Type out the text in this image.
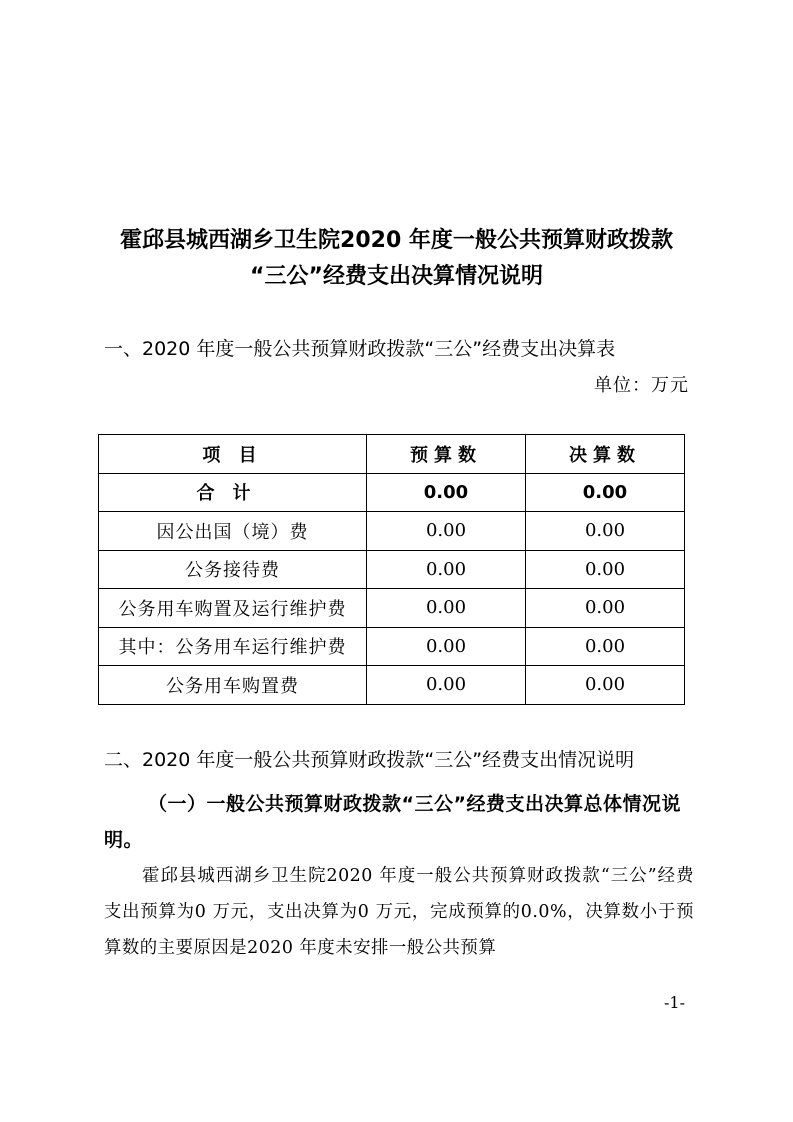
霍邱县城西湖乡卫生院2020 年度一般公共预算财政拨款
“三公”经费支出决算情况说明
一、2020 年度一般公共预算财政拨款“三公”经费支出决算表
单位：万元
项 目	预算数	决算数
合计	0.00	0.00
因公出国（境）费	0.00	0.00
公务接待费	0.00	0.00
公务用车购置及运行维护费	0.00	0.00
其中：公务用车运行维护费	0.00	0.00
公务用车购置费	0.00	0.00
二、2020 年度一般公共预算财政拨款“三公”经费支出情况说明
（一）一般公共预算财政拨款“三公”经费支出决算总体情况说明。
霍邱县城西湖乡卫生院2020 年度一般公共预算财政拨款“三公”经费支出预算为0 万元，支出决算为0 万元，完成预算的0.0%，决算数小于预算数的主要原因是2020 年度未安排一般公共预算
-1-
